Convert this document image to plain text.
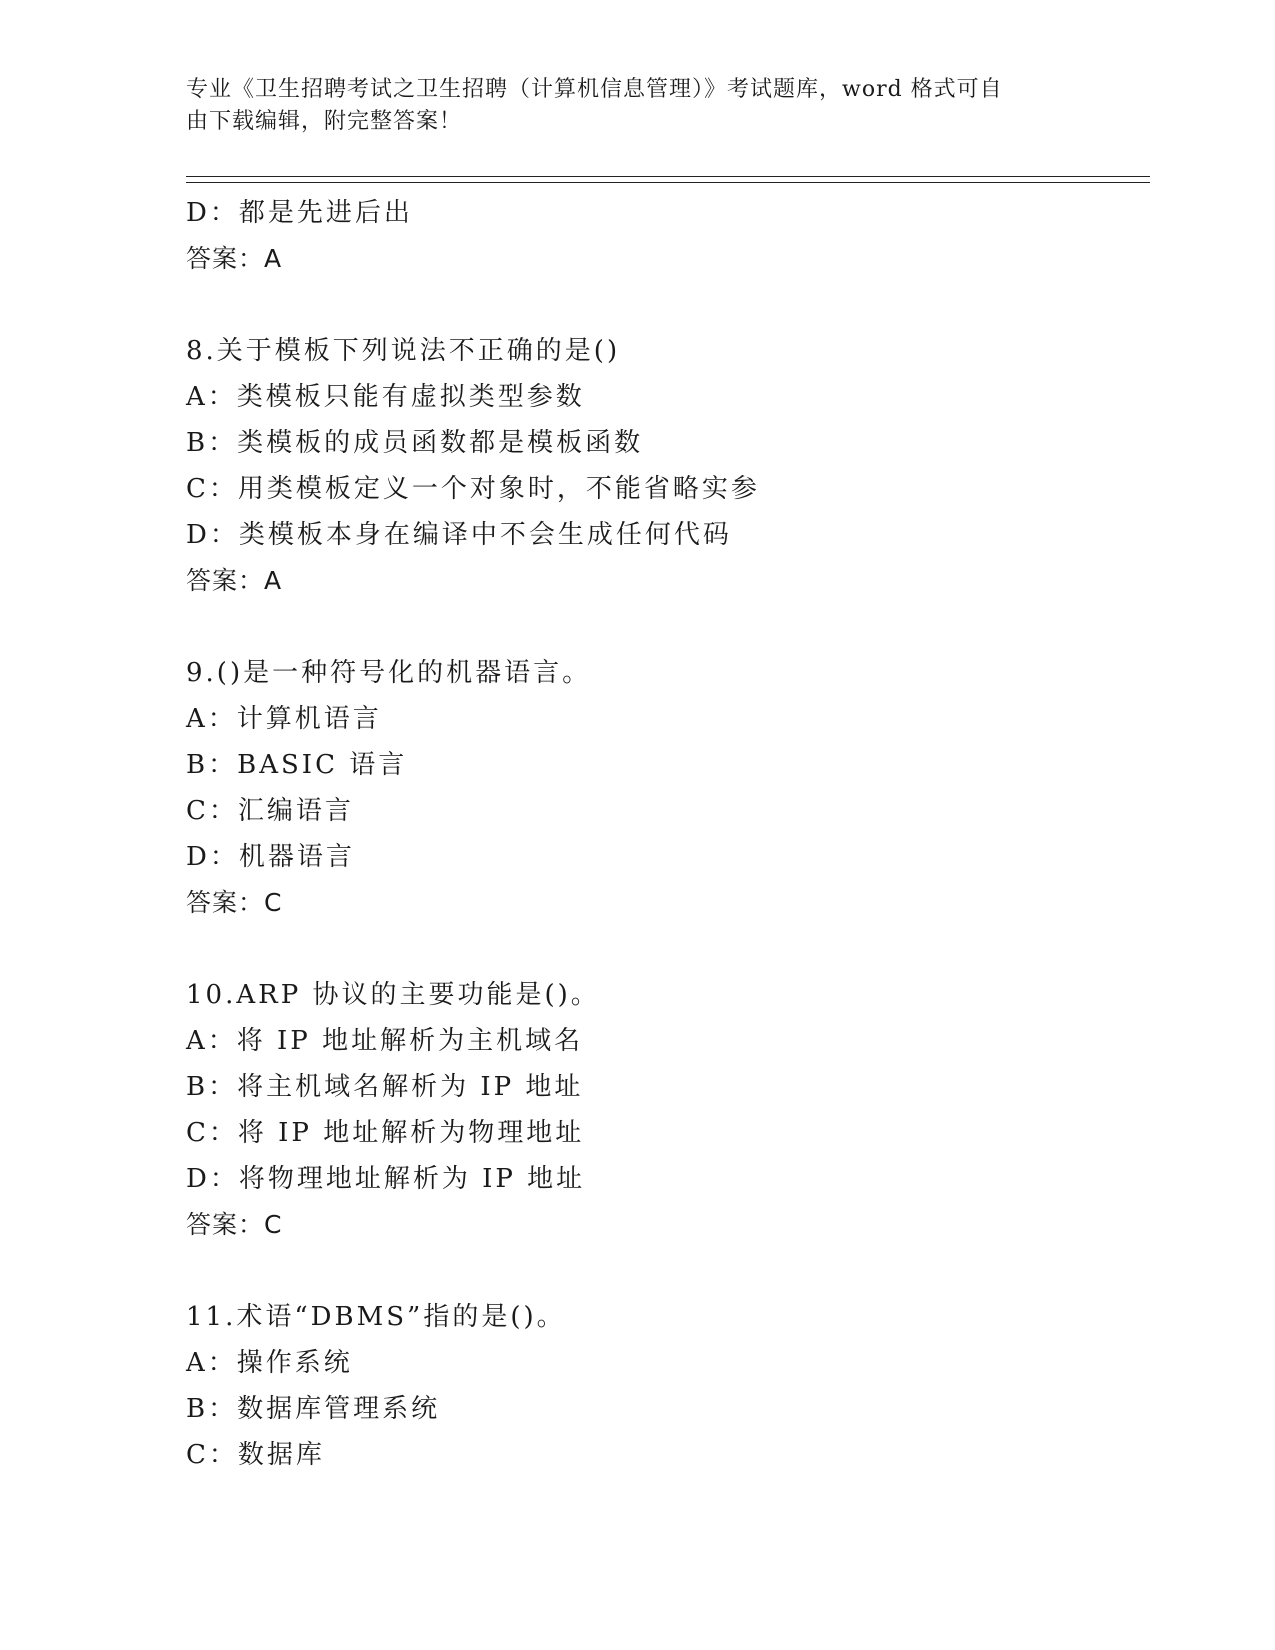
专业《卫生招聘考试之卫生招聘（计算机信息管理）》考试题库，word 格式可自
由下载编辑，附完整答案！
D：都是先进后出
答案：A
8.关于模板下列说法不正确的是()
A：类模板只能有虚拟类型参数
B：类模板的成员函数都是模板函数
C：用类模板定义一个对象时，不能省略实参
D：类模板本身在编译中不会生成任何代码
答案：A
9.()是一种符号化的机器语言。
A：计算机语言
B：BASIC 语言
C：汇编语言
D：机器语言
答案：C
10.ARP 协议的主要功能是()。
A：将 IP 地址解析为主机域名
B：将主机域名解析为 IP 地址
C：将 IP 地址解析为物理地址
D：将物理地址解析为 IP 地址
答案：C
11.术语“DBMS”指的是()。
A：操作系统
B：数据库管理系统
C：数据库
